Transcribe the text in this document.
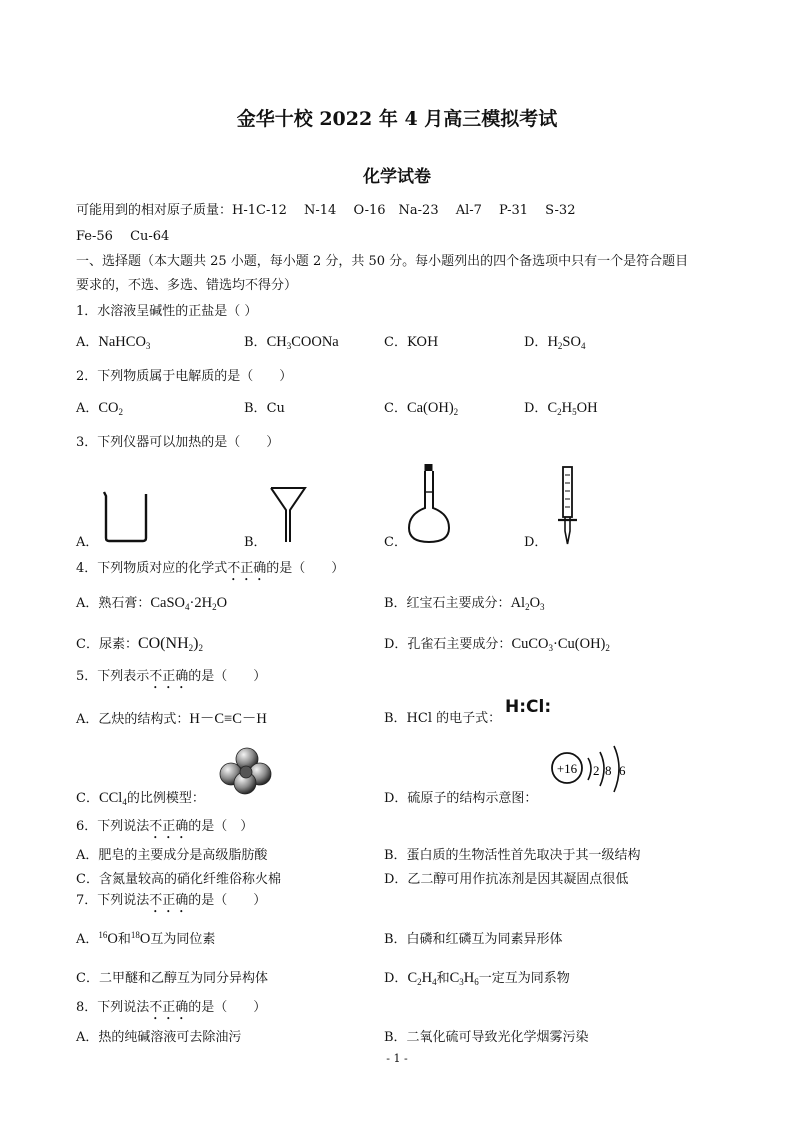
金华十校 2022 年 4 月高三模拟考试
化学试卷
可能用到的相对原子质量：H-1C-12　 N-14　 O-16　Na-23　 Al-7　 P-31　 S-32
Fe-56　 Cu-64
一、选择题（本大题共 25 小题，每小题 2 分，共 50 分。每小题列出的四个备选项中只有一个是符合题目
要求的，不选、多选、错选均不得分）
1．水溶液呈碱性的正盐是（ ）
A．NaHCO$_3$	B．$CH_3COONa$	C．KOH	D．$H_2SO_4$
2．下列物质属于电解质的是（　　）
A．$CO_2$	B．Cu	C．$Ca(OH)_2$	D．$C_2H_5OH$
3．下列仪器可以加热的是（　　）
A．	B．	C．	D．
4．下列物质对应的化学式不正确的是（　　）
A．熟石膏：$CaSO_4\cdot 2H_2O$	B．红宝石主要成分：$Al_2O_3$
C．尿素：$CO(NH_2)_2$	D．孔雀石主要成分：$CuCO_3\cdot Cu(OH)_2$
5．下列表示不正确的是（　　）
A．乙炔的结构式：H－C≡C－H	B．HCl 的电子式：
H:Cl:
C．CCl$_4$的比例模型：	D．硫原子的结构示意图：
+16 2 8 6
6．下列说法不正确的是（　）
A．肥皂的主要成分是高级脂肪酸	B．蛋白质的生物活性首先取决于其一级结构
C．含氮量较高的硝化纤维俗称火棉	D．乙二醇可用作抗冻剂是因其凝固点很低
7．下列说法不正确的是（　　）
A．$^{16}$O和$^{18}$O互为同位素	B．白磷和红磷互为同素异形体
C．二甲醚和乙醇互为同分异构体	D．$C_2H_4$和$C_3H_6$一定互为同系物
8．下列说法不正确的是（　　）
A．热的纯碱溶液可去除油污	B．二氧化硫可导致光化学烟雾污染
- 1 -
